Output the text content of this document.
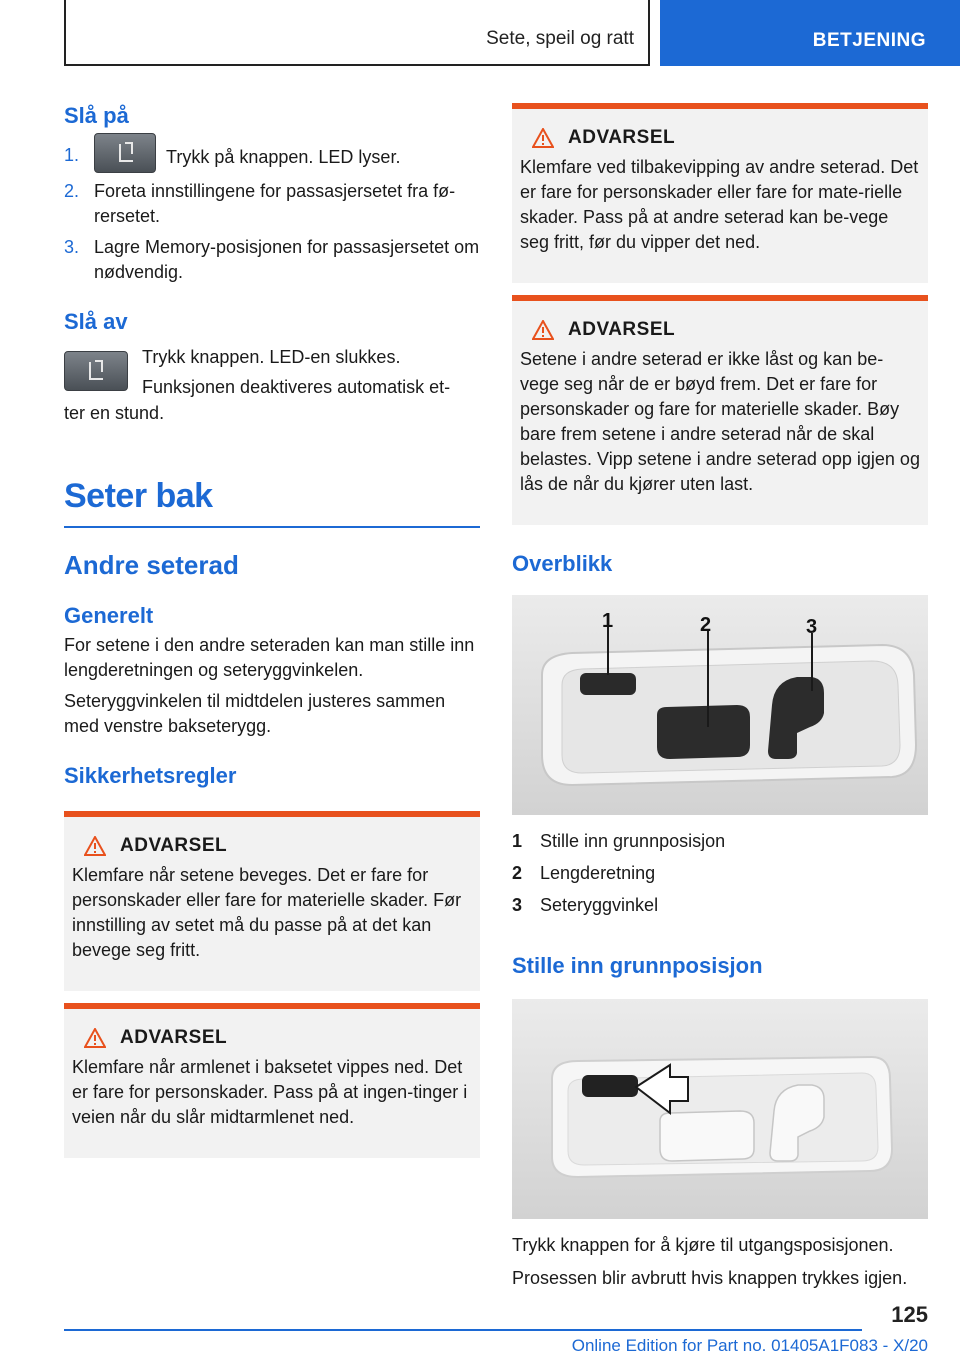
Sete, speil og ratt	BETJENING
Slå på
1.	Trykk på knappen. LED lyser.
2. Foreta innstillingene for passasjersetet fra fø-rersetet.
3. Lagre Memory-posisjonen for passasjersetet om nødvendig.
Slå av
Trykk knappen. LED-en slukkes.
Funksjonen deaktiveres automatisk et-
ter en stund.
Seter bak
Andre seterad
Generelt
For setene i den andre seteraden kan man stille inn lengderetningen og seteryggvinkelen.
Seteryggvinkelen til midtdelen justeres sammen med venstre bakseterygg.
Sikkerhetsregler
ADVARSEL
Klemfare når setene beveges. Det er fare for personskader eller fare for materielle skader. Før innstilling av setet må du passe på at det kan bevege seg fritt.
ADVARSEL
Klemfare når armlenet i baksetet vippes ned. Det er fare for personskader. Pass på at ingen-tinger i veien når du slår midtarmlenet ned.
ADVARSEL
Klemfare ved tilbakevipping av andre seterad. Det er fare for personskader eller fare for mate-rielle skader. Pass på at andre seterad kan be-vege seg fritt, før du vipper det ned.
ADVARSEL
Setene i andre seterad er ikke låst og kan be-vege seg når de er bøyd frem. Det er fare for personskader og fare for materielle skader. Bøy bare frem setene i andre seterad når de skal belastes. Vipp setene i andre seterad opp igjen og lås de når du kjører uten last.
Overblikk
1	2	3
1 Stille inn grunnposisjon
2 Lengderetning
3 Seteryggvinkel
Stille inn grunnposisjon
Trykk knappen for å kjøre til utgangsposisjonen.
Prosessen blir avbrutt hvis knappen trykkes igjen.
125
Online Edition for Part no. 01405A1F083 - X/20
